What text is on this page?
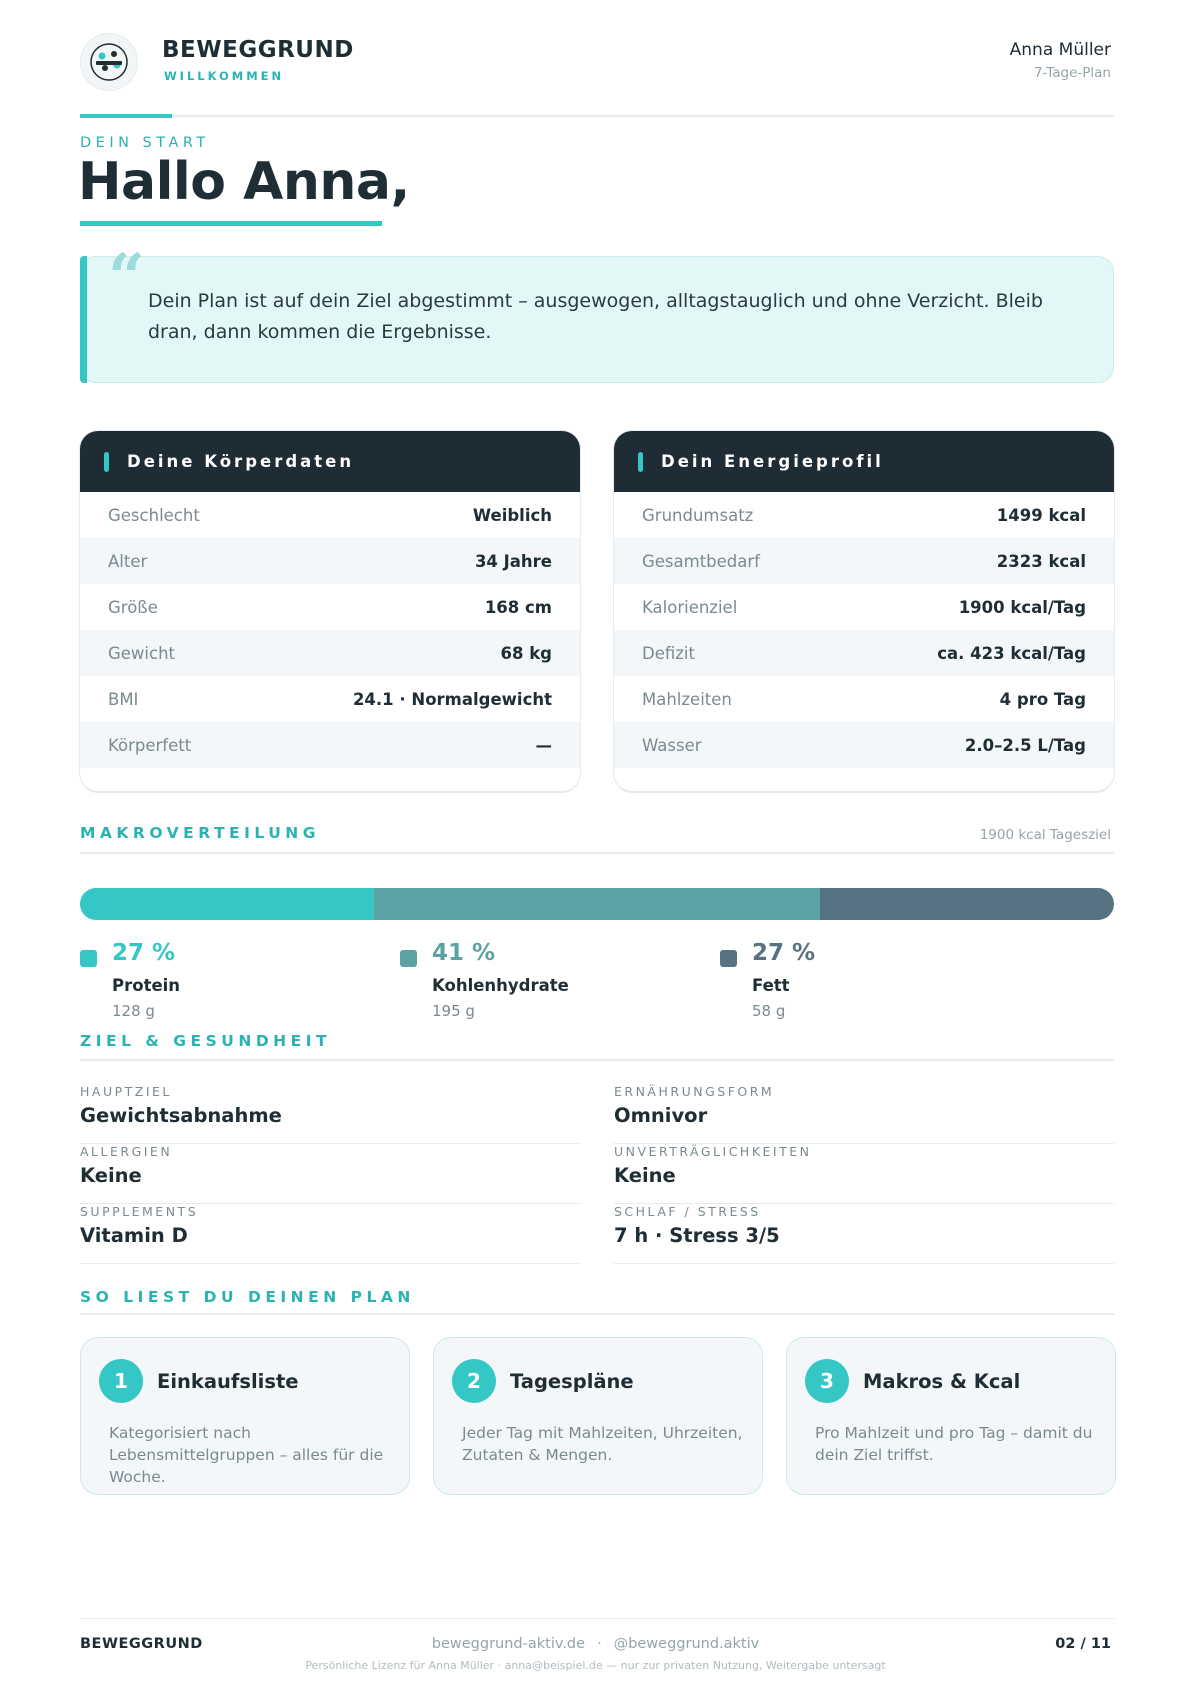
BEWEGGRUND
WILLKOMMEN
Anna Müller
7-Tage-Plan
DEIN START
Hallo Anna,
“ Dein Plan ist auf dein Ziel abgestimmt – ausgewogen, alltagstauglich und ohne Verzicht. Bleib dran, dann kommen die Ergebnisse.
Deine Körperdaten
Geschlecht	Weiblich
Alter	34 Jahre
Größe	168 cm
Gewicht	68 kg
BMI	24.1 · Normalgewicht
Körperfett	—
Dein Energieprofil
Grundumsatz	1499 kcal
Gesamtbedarf	2323 kcal
Kalorienziel	1900 kcal/Tag
Defizit	ca. 423 kcal/Tag
Mahlzeiten	4 pro Tag
Wasser	2.0–2.5 L/Tag
MAKROVERTEILUNG	1900 kcal Tagesziel
27 %
Protein
128 g
41 %
Kohlenhydrate
195 g
27 %
Fett
58 g
ZIEL & GESUNDHEIT
HAUPTZIEL
Gewichtsabnahme
ERNÄHRUNGSFORM
Omnivor
ALLERGIEN
Keine
UNVERTRÄGLICHKEITEN
Keine
SUPPLEMENTS
Vitamin D
SCHLAF / STRESS
7 h · Stress 3/5
SO LIEST DU DEINEN PLAN
1	Einkaufsliste
Kategorisiert nach Lebensmittelgruppen – alles für die Woche.
2	Tagespläne
Jeder Tag mit Mahlzeiten, Uhrzeiten, Zutaten & Mengen.
3	Makros & Kcal
Pro Mahlzeit und pro Tag – damit du dein Ziel triffst.
BEWEGGRUND	beweggrund-aktiv.de · @beweggrund.aktiv	02 / 11
Persönliche Lizenz für Anna Müller · anna@beispiel.de — nur zur privaten Nutzung, Weitergabe untersagt
